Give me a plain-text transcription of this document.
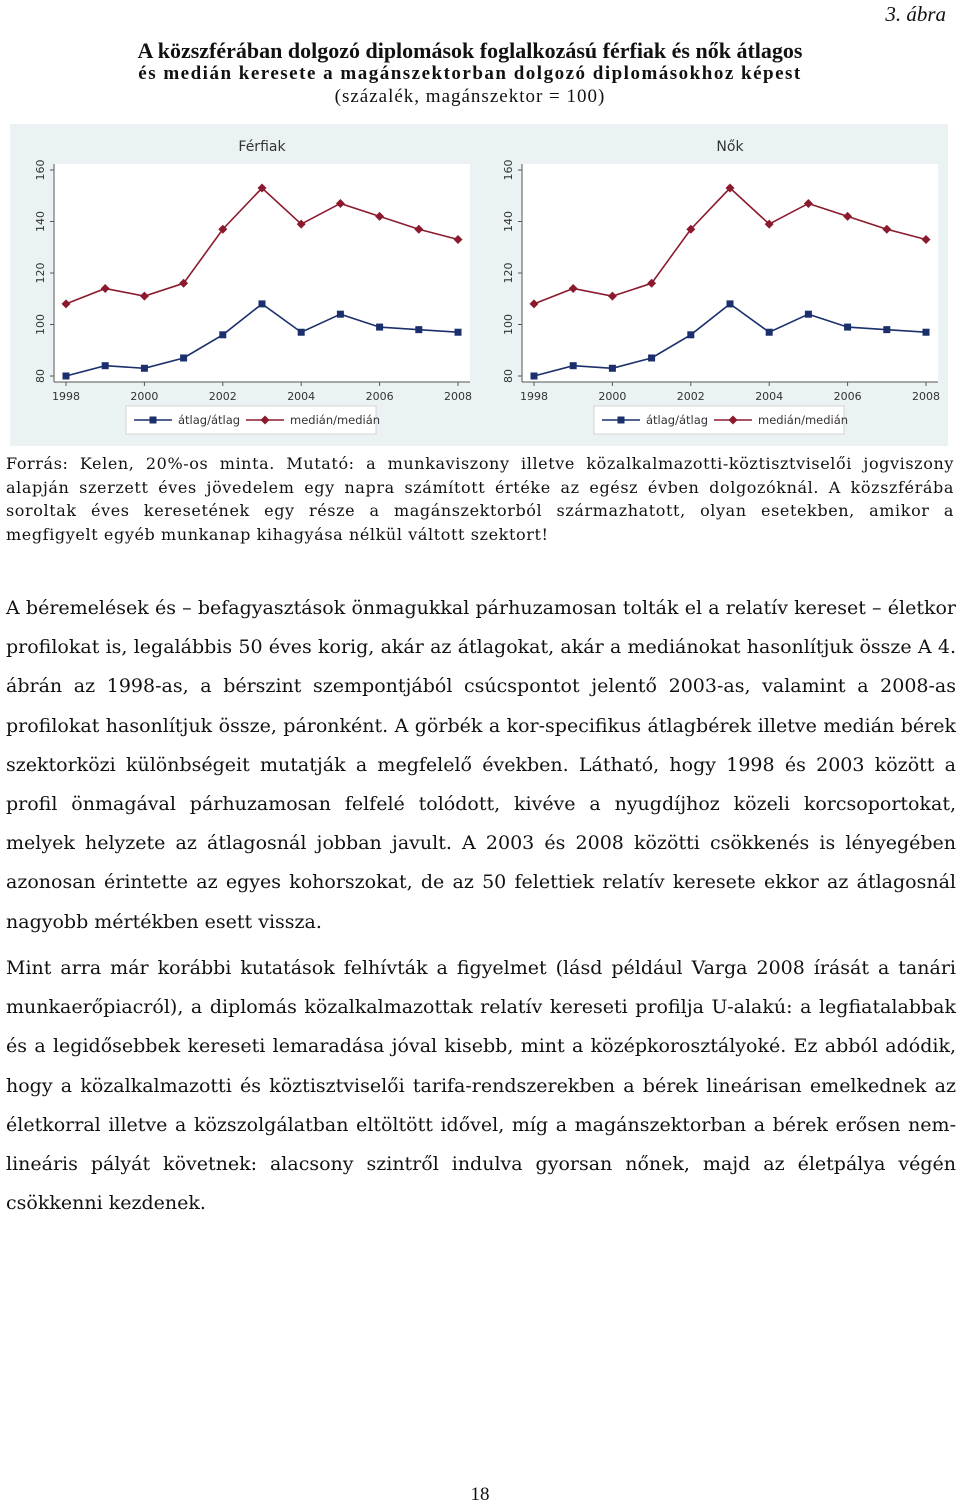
3. ábra
A közszférában dolgozó diplomások foglalkozású férfiak és nők átlagos
és medián keresete a magánszektorban dolgozó diplomásokhoz képest
(százalék, magánszektor = 100)
Férfiak
80
100
120
140
160
1998	2000	2002	2004	2006	2008
átlag/átlag	medián/medián
Nők
80
100
120
140
160
1998	2000	2002	2004	2006	2008
átlag/átlag	medián/medián
Forrás: Kelen, 20%-os minta. Mutató: a munkaviszony illetve közalkalmazotti-köztisztviselői jogviszony alapján szerzett éves jövedelem egy napra számított értéke az egész évben dolgozóknál. A közszférába soroltak éves keresetének egy része a magánszektorból származhatott, olyan esetekben, amikor a megfigyelt egyéb munkanap kihagyása nélkül váltott szektort!
A béremelések és – befagyasztások önmagukkal párhuzamosan tolták el a relatív kereset – életkor profilokat is, legalábbis 50 éves korig, akár az átlagokat, akár a mediánokat hasonlítjuk össze A 4. ábrán az 1998-as, a bérszint szempontjából csúcspontot jelentő 2003-as, valamint a 2008-as profilokat hasonlítjuk össze, páronként. A görbék a kor-specifikus átlagbérek illetve medián bérek szektorközi különbségeit mutatják a megfelelő években. Látható, hogy 1998 és 2003 között a profil önmagával párhuzamosan felfelé tolódott, kivéve a nyugdíjhoz közeli korcsoportokat, melyek helyzete az átlagosnál jobban javult. A 2003 és 2008 közötti csökkenés is lényegében azonosan érintette az egyes kohorszokat, de az 50 felettiek relatív keresete ekkor az átlagosnál nagyobb mértékben esett vissza.
Mint arra már korábbi kutatások felhívták a figyelmet (lásd például Varga 2008 írását a tanári munkaerőpiacról), a diplomás közalkalmazottak relatív kereseti profilja U-alakú: a legfiatalabbak és a legidősebbek kereseti lemaradása jóval kisebb, mint a középkorosztályoké. Ez abból adódik, hogy a közalkalmazotti és köztisztviselői tarifa-rendszerekben a bérek lineárisan emelkednek az életkorral illetve a közszolgálatban eltöltött idővel, míg a magánszektorban a bérek erősen nem-lineáris pályát követnek: alacsony szintről indulva gyorsan nőnek, majd az életpálya végén csökkenni kezdenek.
18
